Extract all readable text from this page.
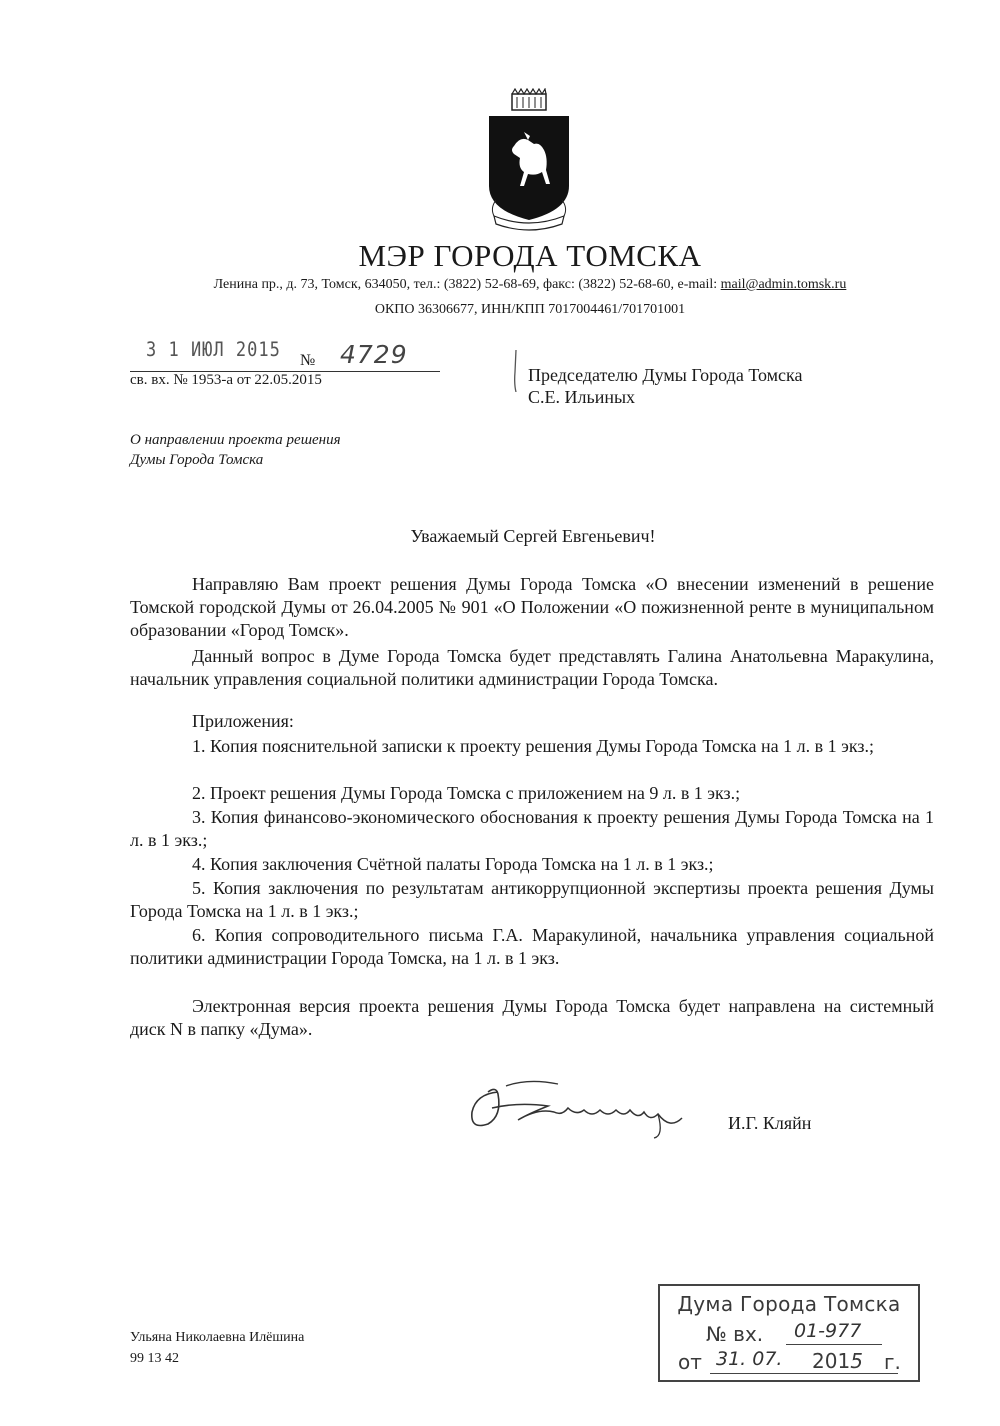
МЭР ГОРОДА ТОМСКА
Ленина пр., д. 73, Томск, 634050, тел.: (3822) 52-68-69, факс: (3822) 52-68-60, e-mail: mail@admin.tomsk.ru
ОКПО 36306677, ИНН/КПП 7017004461/701701001
3 1 ИЮЛ 2015 № 4729
св. вх. № 1953-а от 22.05.2015	Председателю Думы Города Томска
С.Е. Ильиных
О направлении проекта решения
Думы Города Томска
Уважаемый Сергей Евгеньевич!
Направляю Вам проект решения Думы Города Томска «О внесении изменений в решение Томской городской Думы от 26.04.2005 № 901 «О Положении «О пожизненной ренте в муниципальном образовании «Город Томск».
Данный вопрос в Думе Города Томска будет представлять Галина Анатольевна Маракулина, начальник управления социальной политики администрации Города Томска.
Приложения:
1. Копия пояснительной записки к проекту решения Думы Города Томска на 1 л. в 1 экз.;
2. Проект решения Думы Города Томска с приложением на 9 л. в 1 экз.;
3. Копия финансово-экономического обоснования к проекту решения Думы Города Томска на 1 л. в 1 экз.;
4. Копия заключения Счётной палаты Города Томска на 1 л. в 1 экз.;
5. Копия заключения по результатам антикоррупционной экспертизы проекта решения Думы Города Томска на 1 л. в 1 экз.;
6. Копия сопроводительного письма Г.А. Маракулиной, начальника управления социальной политики администрации Города Томска, на 1 л. в 1 экз.
Электронная версия проекта решения Думы Города Томска будет направлена на системный диск N в папку «Дума».
И.Г. Кляйн
Ульяна Николаевна Илёшина
99 13 42
Дума Города Томска
№ вх. 01-977
от 31. 07. 2015 г.
